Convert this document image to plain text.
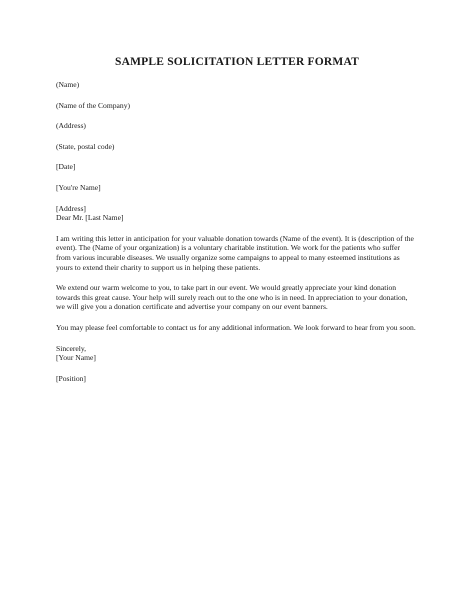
SAMPLE SOLICITATION LETTER FORMAT
(Name)
(Name of the Company)
(Address)
(State, postal code)
[Date]
[You're Name]
[Address]
Dear Mr. [Last Name]
I am writing this letter in anticipation for your valuable donation towards (Name of the event). It is (description of the
event). The (Name of your organization) is a voluntary charitable institution. We work for the patients who suffer
from various incurable diseases. We usually organize some campaigns to appeal to many esteemed institutions as
yours to extend their charity to support us in helping these patients.
We extend our warm welcome to you, to take part in our event. We would greatly appreciate your kind donation
towards this great cause. Your help will surely reach out to the one who is in need. In appreciation to your donation,
we will give you a donation certificate and advertise your company on our event banners.
You may please feel comfortable to contact us for any additional information. We look forward to hear from you soon.
Sincerely,
[Your Name]
[Position]
